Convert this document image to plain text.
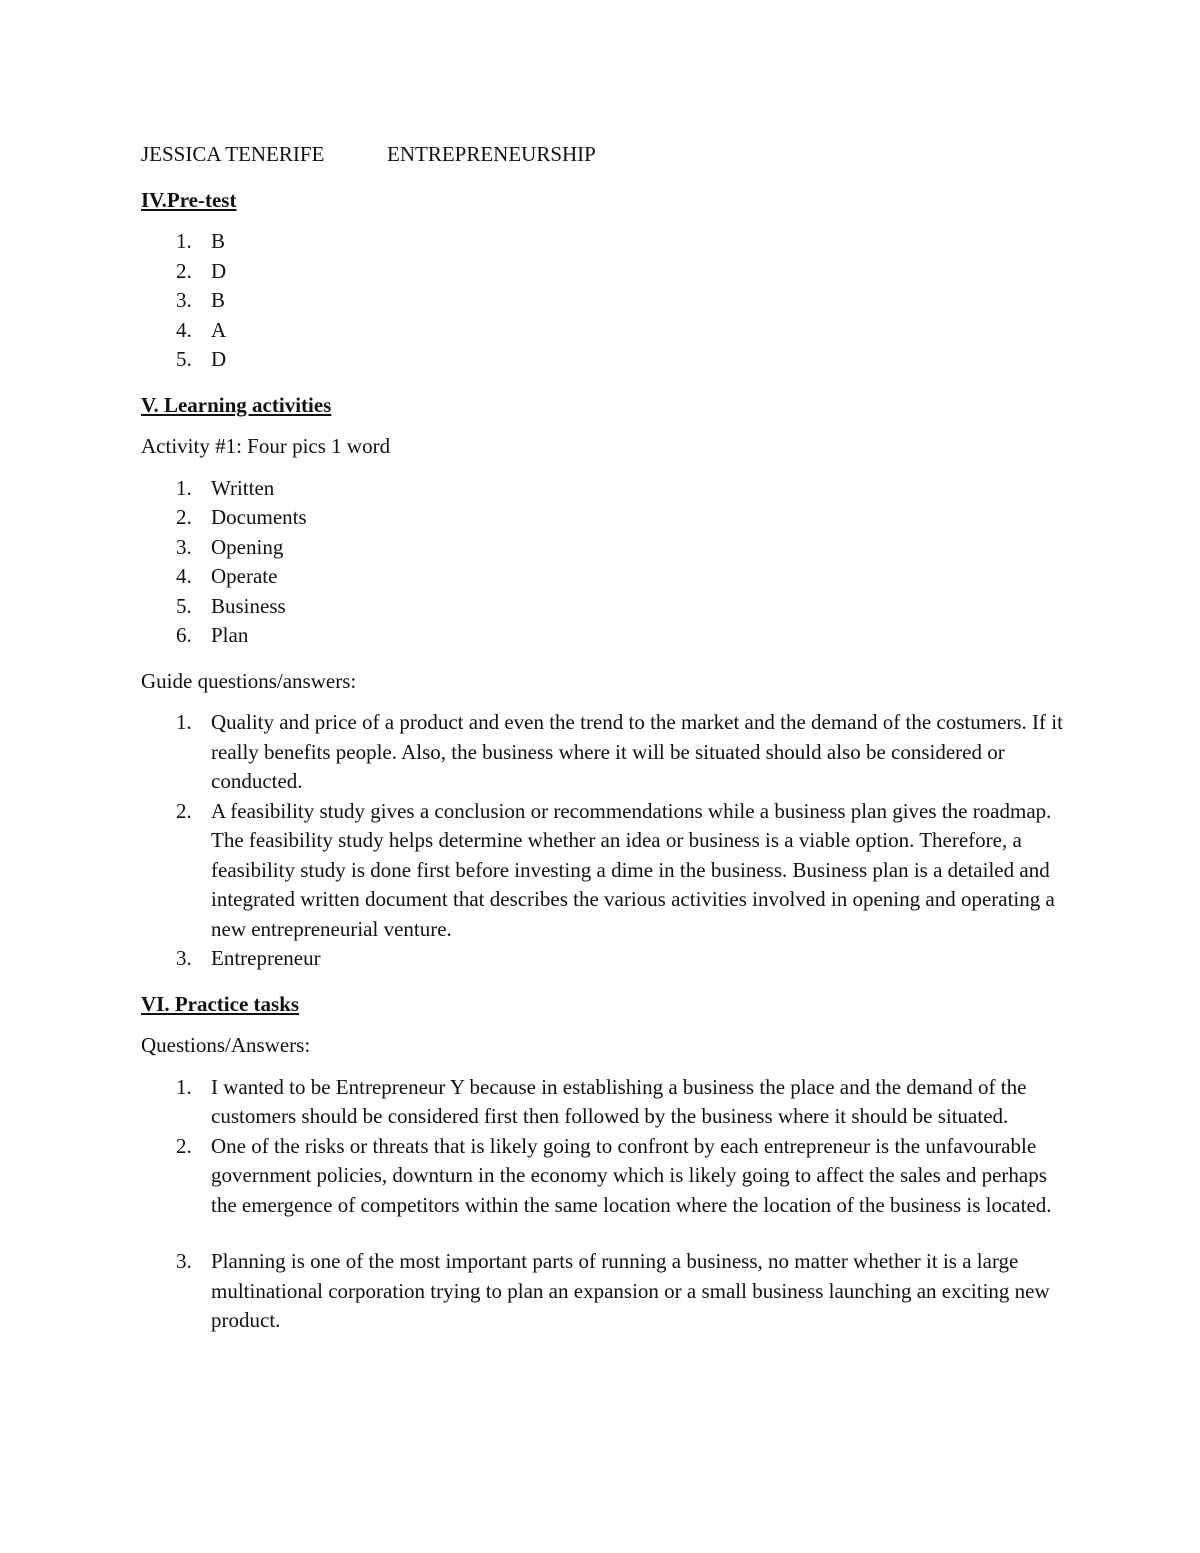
JESSICA TENERIFE	ENTREPRENEURSHIP
IV.Pre-test
1. B
2. D
3. B
4. A
5. D
V. Learning activities
Activity #1: Four pics 1 word
1. Written
2. Documents
3. Opening
4. Operate
5. Business
6. Plan
Guide questions/answers:
1. Quality and price of a product and even the trend to the market and the demand of the costumers. If it really benefits people. Also, the business where it will be situated should also be considered or conducted.
2. A feasibility study gives a conclusion or recommendations while a business plan gives the roadmap. The feasibility study helps determine whether an idea or business is a viable option. Therefore, a feasibility study is done first before investing a dime in the business. Business plan is a detailed and integrated written document that describes the various activities involved in opening and operating a new entrepreneurial venture.
3. Entrepreneur
VI. Practice tasks
Questions/Answers:
1. I wanted to be Entrepreneur Y because in establishing a business the place and the demand of the customers should be considered first then followed by the business where it should be situated.
2. One of the risks or threats that is likely going to confront by each entrepreneur is the unfavourable government policies, downturn in the economy which is likely going to affect the sales and perhaps the emergence of competitors within the same location where the location of the business is located.
3. Planning is one of the most important parts of running a business, no matter whether it is a large multinational corporation trying to plan an expansion or a small business launching an exciting new product.
